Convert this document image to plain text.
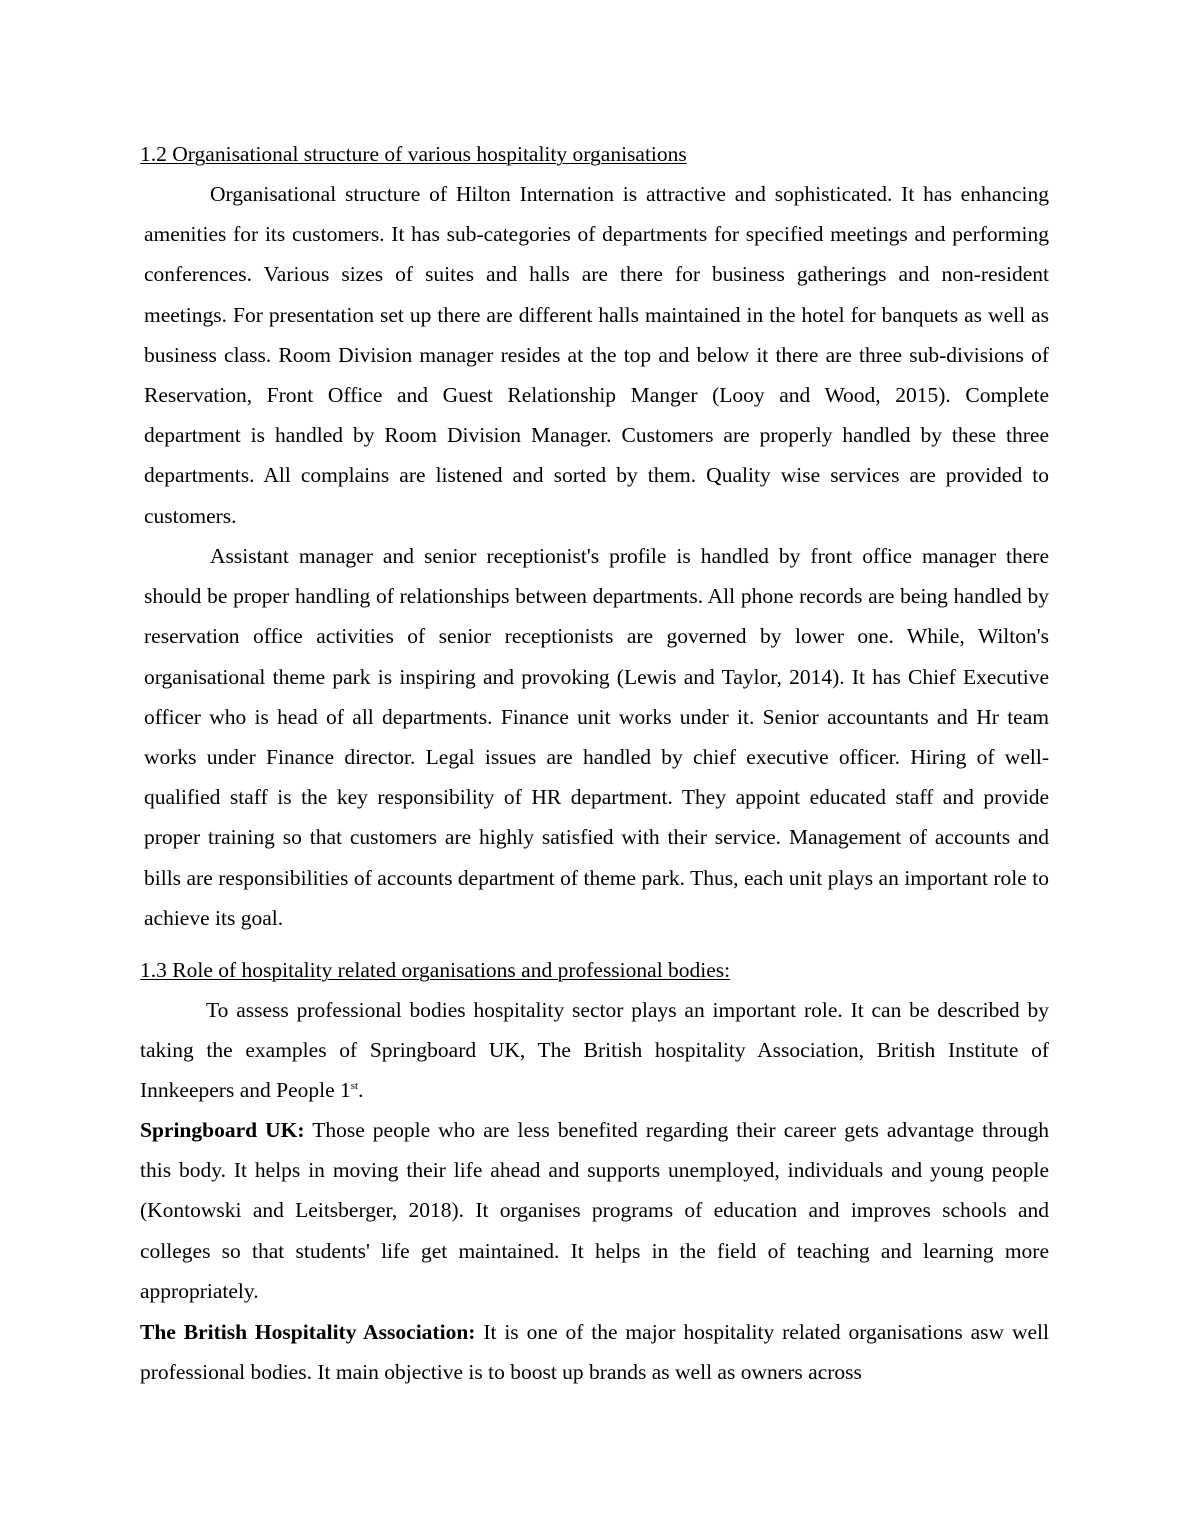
1.2 Organisational structure of various hospitality organisations

Organisational structure of Hilton Internation is attractive and sophisticated. It has enhancing amenities for its customers. It has sub-categories of departments for specified meetings and performing conferences. Various sizes of suites and halls are there for business gatherings and non-resident meetings. For presentation set up there are different halls maintained in the hotel for banquets as well as business class. Room Division manager resides at the top and below it there are three sub-divisions of Reservation, Front Office and Guest Relationship Manger (Looy and Wood, 2015). Complete department is handled by Room Division Manager. Customers are properly handled by these three departments. All complains are listened and sorted by them. Quality wise services are provided to customers.

Assistant manager and senior receptionist's profile is handled by front office manager there should be proper handling of relationships between departments. All phone records are being handled by reservation office activities of senior receptionists are governed by lower one. While, Wilton's organisational theme park is inspiring and provoking (Lewis and Taylor, 2014). It has Chief Executive officer who is head of all departments. Finance unit works under it. Senior accountants and Hr team works under Finance director. Legal issues are handled by chief executive officer. Hiring of well-qualified staff is the key responsibility of HR department. They appoint educated staff and provide proper training so that customers are highly satisfied with their service. Management of accounts and bills are responsibilities of accounts department of theme park. Thus, each unit plays an important role to achieve its goal.

1.3 Role of hospitality related organisations and professional bodies:

To assess professional bodies hospitality sector plays an important role. It can be described by taking the examples of Springboard UK, The British hospitality Association, British Institute of Innkeepers and People 1st.

Springboard UK: Those people who are less benefited regarding their career gets advantage through this body. It helps in moving their life ahead and supports unemployed, individuals and young people (Kontowski and Leitsberger, 2018). It organises programs of education and improves schools and colleges so that students' life get maintained. It helps in the field of teaching and learning more appropriately.

The British Hospitality Association: It is one of the major hospitality related organisations asw well professional bodies. It main objective is to boost up brands as well as owners across
